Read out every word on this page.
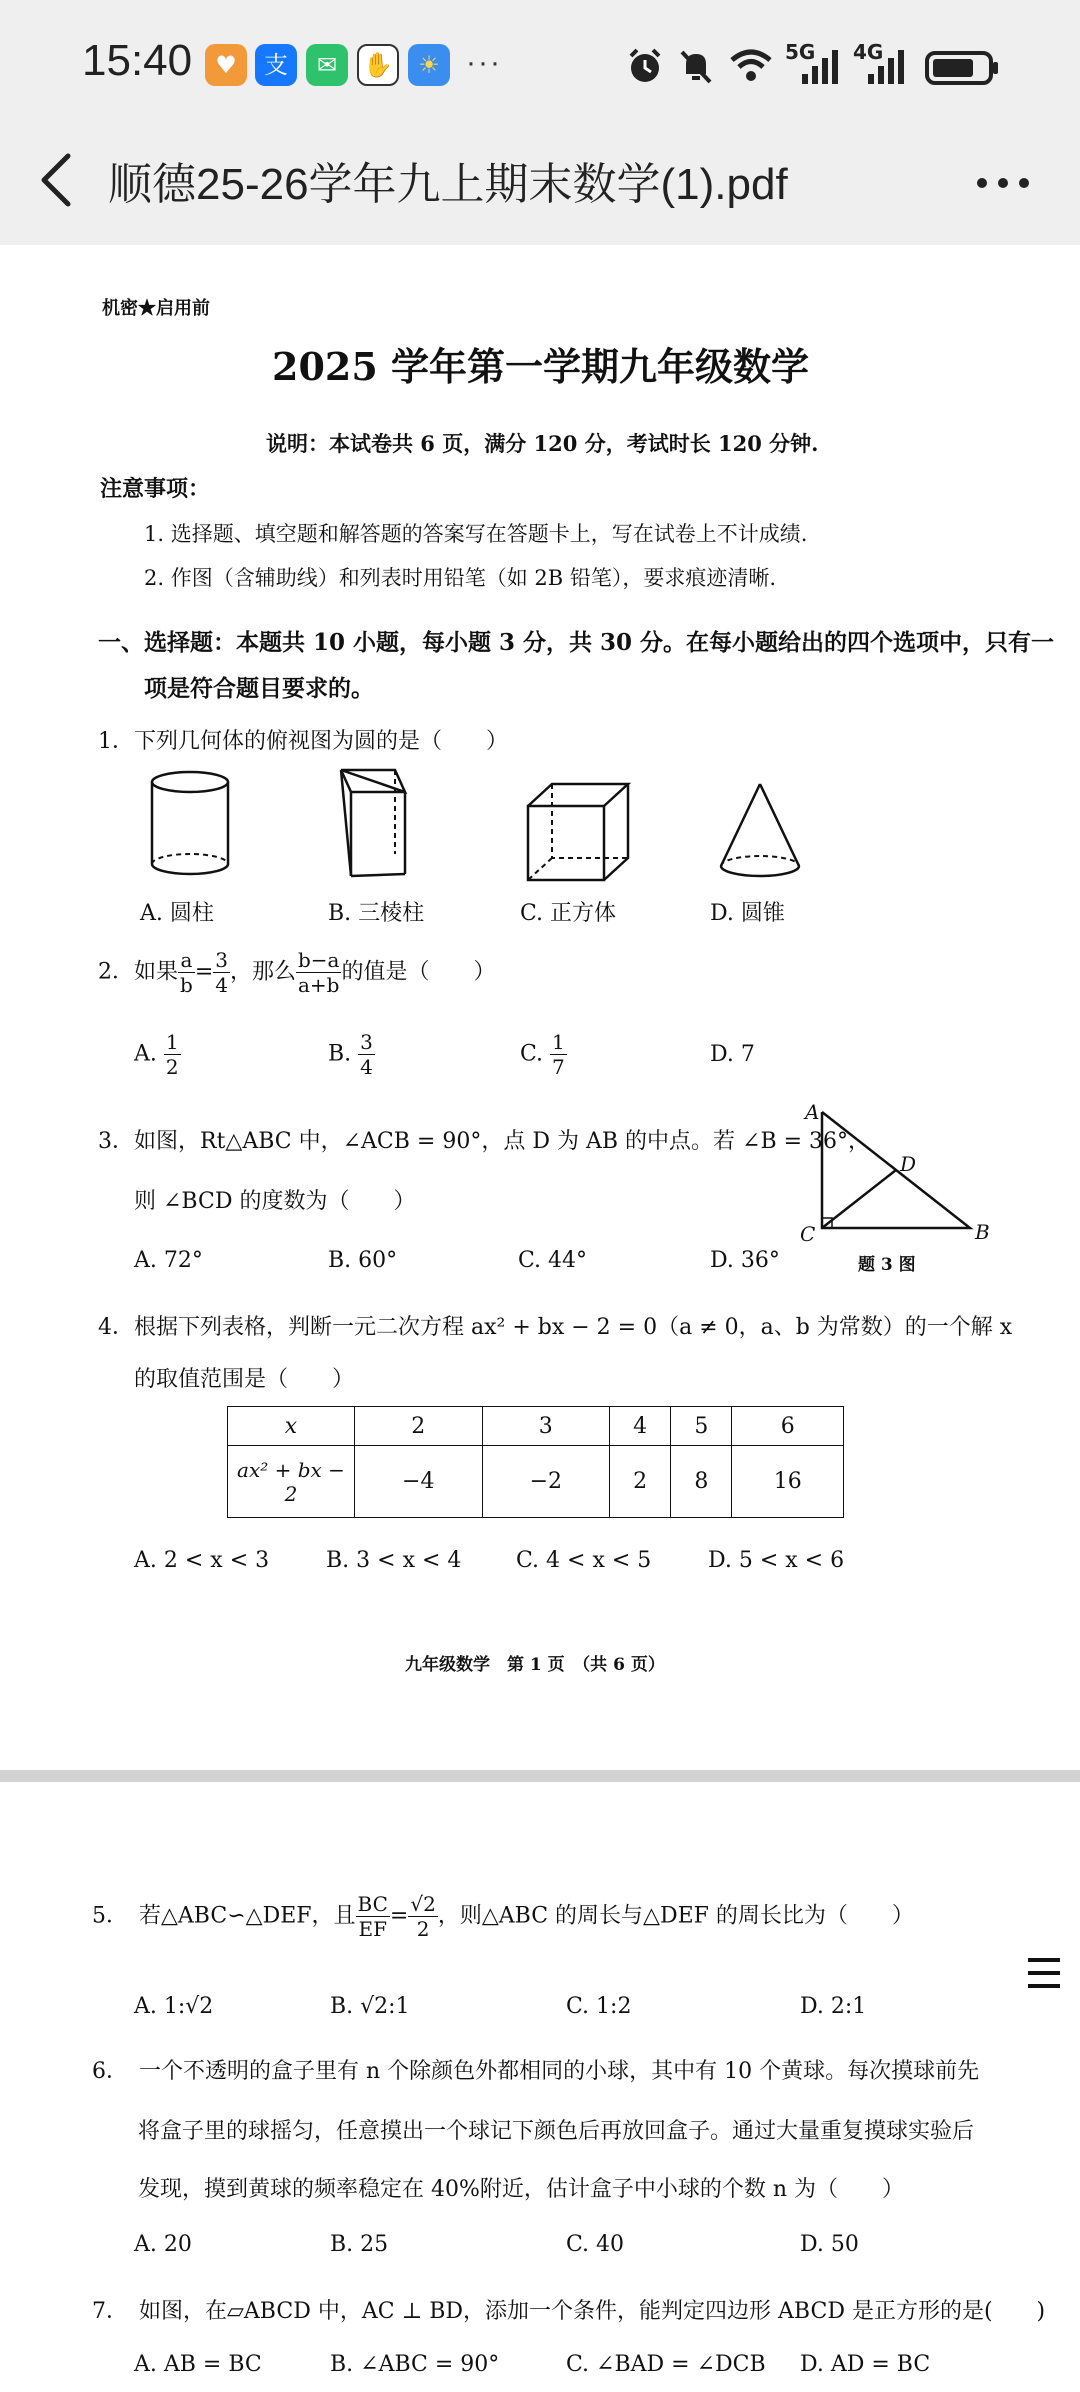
15:40 ♥	支	✉	✋	☀ ···	5G 4G
顺德25-26学年九上期末数学(1).pdf
机密★启用前
2025 学年第一学期九年级数学
说明：本试卷共 6 页，满分 120 分，考试时长 120 分钟.
注意事项：
1. 选择题、填空题和解答题的答案写在答题卡上，写在试卷上不计成绩.
2. 作图（含辅助线）和列表时用铅笔（如 2B 铅笔），要求痕迹清晰.
一、选择题：本题共 10 小题，每小题 3 分，共 30 分。在每小题给出的四个选项中，只有一
项是符合题目要求的。
1．下列几何体的俯视图为圆的是（　　）
A. 圆柱	B. 三棱柱	C. 正方体	D. 圆锥
2．如果 $\frac{a}{b} = \frac{3}{4}$ ，那么 $\frac{b-a}{a+b}$ 的值是（　　）
A. $\frac{1}{2}$	B. $\frac{3}{4}$	C. $\frac{1}{7}$	D. 7
3．如图，Rt△ABC 中，∠ACB = 90°，点 D 为 AB 的中点。若 ∠B = 36°，
则 ∠BCD 的度数为（　　）
A. 72°	B. 60°	C. 44°	D. 36°
A
D
C	B
题 3 图
4．根据下列表格，判断一元二次方程 ax² + bx − 2 = 0（a ≠ 0，a、b 为常数）的一个解 x
的取值范围是（　　）
x	2	3	4	5	6
ax² + bx − 2	−4	−2	2	8	16
A. 2 < x < 3	B. 3 < x < 4 C. 4 < x < 5	D. 5 < x < 6
九年级数学　第 1 页　（共 6 页）
5．　若△ABC∽△DEF，且 $\frac{BC}{EF} = \frac{√2}{2}$ ，则△ABC 的周长与△DEF 的周长比为（　　）
A. 1:√2	B. √2:1	C. 1:2	D. 2:1
6．　一个不透明的盒子里有 n 个除颜色外都相同的小球，其中有 10 个黄球。每次摸球前先
将盒子里的球摇匀，任意摸出一个球记下颜色后再放回盒子。通过大量重复摸球实验后
发现，摸到黄球的频率稳定在 40%附近，估计盒子中小球的个数 n 为（　　）
A. 20	B. 25	C. 40	D. 50
7．　如图，在▱ABCD 中，AC ⊥ BD，添加一个条件，能判定四边形 ABCD 是正方形的是(　　)
A. AB = BC	B. ∠ABC = 90°	C. ∠BAD = ∠DCB D. AD = BC
